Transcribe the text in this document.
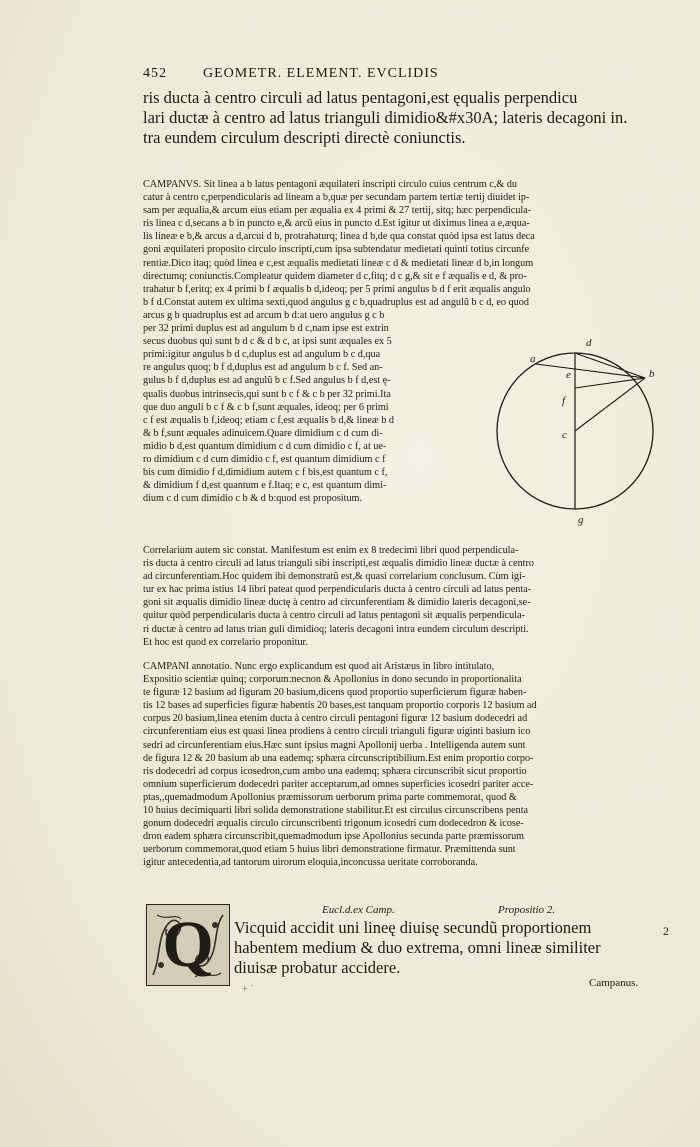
452	GEOMETR. ELEMENT. EVCLIDIS
ris ducta à centro circuli ad latus pentagoni,est ęqualis perpendicu
lari ductæ à centro ad latus trianguli dimidio&#x30A; lateris decagoni in.
tra eundem circulum descripti directè coniunctis.
CAMPANVS. Sit linea a b latus pentagoni æquilateri inscripti circulo cuius centrum c,& du
catur à centro c,perpendicularis ad lineam a b,quæ per secundam partem tertiæ tertij diuidet ip-
sam per æqualia,& arcum eius etiam per æqualia ex 4 primi & 27 tertij, sitq; hæc perpendicula-
ris linea c d,secans a b in puncto e,& arcũ eius in puncto d.Est igitur ut diximus linea a e,æqua-
lis lineæ e b,& arcus a d,arcui d b, protrahaturq; linea d b,de qua constat quòd ipsa est latus deca
goni æquilateri proposito circulo inscripti,cum ipsa subtendatur medietati quinti totius circunfe
rentiæ.Dico itaq; quòd linea e c,est æqualis medietati lineæ c d & medietati lineæ d b,in longum
directumq; coniunctis.Compleatur quidem diameter d c,fitq; d c g,& sit e f æqualis e d, & pro-
trahatur b f,eritq; ex 4 primi b f æqualis b d,ideoq; per 5 primi angulus b d f erit æqualis angulo
b f d.Constat autem ex ultima sexti,quod angulus g c b,quadruplus est ad angulũ b c d, eo quod
arcus g b quadruplus est ad arcum b d:at uero angulus g c b
per 32 primi duplus est ad angulum b d c,nam ipse est extrin
secus duobus qui sunt b d c & d b c, at ipsi sunt æquales ex 5
primi:igitur angulus b d c,duplus est ad angulum b c d,qua
re angulus quoq; b f d,duplus est ad angulum b c f. Sed an-
gulus b f d,duplus est ad angulũ b c f.Sed angulus b f d,est ę-
qualis duobus intrinsecis,qui sunt b c f & c b per 32 primi.Ita
que duo anguli b c f & c b f,sunt æquales, ideoq; per 6 primi
c f est æqualis b f,ideoq; etiam c f,est æqualis b d,& lineæ b d
& b f,sunt æquales adinuicem.Quare dimidium c d cum di-
midio b d,est quantum dimidium c d cum dimidio c f, at ue-
ro dimidium c d cum dimidio c f, est quantum dimidium c f
bis cum dimidio f d,dimidium autem c f bis,est quantum c f,
& dimidium f d,est quantum e f.Itaq; e c, est quantum dimi-
dium c d cum dimidio c b & d b:quod est propositum.
d
a
b
e
f
c
g
Correlarium autem sic constat. Manifestum est enim ex 8 tredecimi libri quod perpendicula-
ris ducta à centro circuli ad latus trianguli sibi inscripti,est æqualis dimidio lineæ ductæ à centro
ad circunferentiam.Hoc quidem ibi demonstratũ est,& quasi correlarium conclusum. Cùm igi-
tur ex hac prima istius 14 libri pateat quod perpendicularis ducta à centro circuli ad latus penta-
goni sit æqualis dimidio lineæ ductę à centro ad circunferentiam & dimidio lateris decagoni,se-
quitur quòd perpendicularis ducta à centro circuli ad latus pentagoni sit æqualis perpendicula-
ri ductæ à centro ad latus trian guli dimidioq; lateris decagoni intra eundem circulum descripti.
Et hoc est quod ex correlario proponitur.
CAMPANI annotatio. Nunc ergo explicandum est quod ait Aristæus in libro intitulato,
Expositio scientiæ quinq; corporum:necnon & Apollonius in dono secundo in proportionalita
te figuræ 12 basium ad figuram 20 basium,dicens quod proportio superficierum figuræ haben-
tis 12 bases ad superficies figuræ habentis 20 bases,est tanquam proportio corporis 12 basium ad
corpus 20 basium,linea etenim ducta à centro circuli pentagoni figuræ 12 basium dodecedri ad
circunferentiam eius est quasi linea prodiens à centro circuli trianguli figuræ uiginti basium ico
sedri ad circunferentiam eius.Hæc sunt ipsius magni Apollonij uerba . Intelligenda autem sunt
de figura 12 & 20 basium ab una eademq; sphæra circunscriptibilium.Est enim proportio corpo-
ris dodecedri ad corpus icosedron,cum ambo una eademq; sphæra circunscribit sicut proportio
omnium superficierum dodecedri pariter acceptarum,ad omnes superficies icosedri pariter acce-
ptas,,quemadmodum Apollonius præmissorum uerborum prima parte commemorat, quod &
10 huius decimiquarti libri solida demonstratione stabilitur.Et est circulus circunscribens penta
gonum dodecedri æqualis circulo circunscribenti trigonum icosedri cum dodecedron & icose-
dron eadem sphæra circunscribit,quemadmodum ipse Apollonius secunda parte præmissorum
uerborum commemorat,quod etiam 5 huius libri demonstratione firmatur. Præmittenda sunt
igitur antecedentia,ad tantorum uirorum eloquia,inconcussa ueritate corroboranda.
Eucl.d.ex Camp.	Propositio 2.
Q Vicquid accidit uni lineę diuisę secundũ proportionem
habentem medium & duo extrema, omni lineæ similiter
diuisæ probatur accidere.
2
Campanus.
+ ˙
